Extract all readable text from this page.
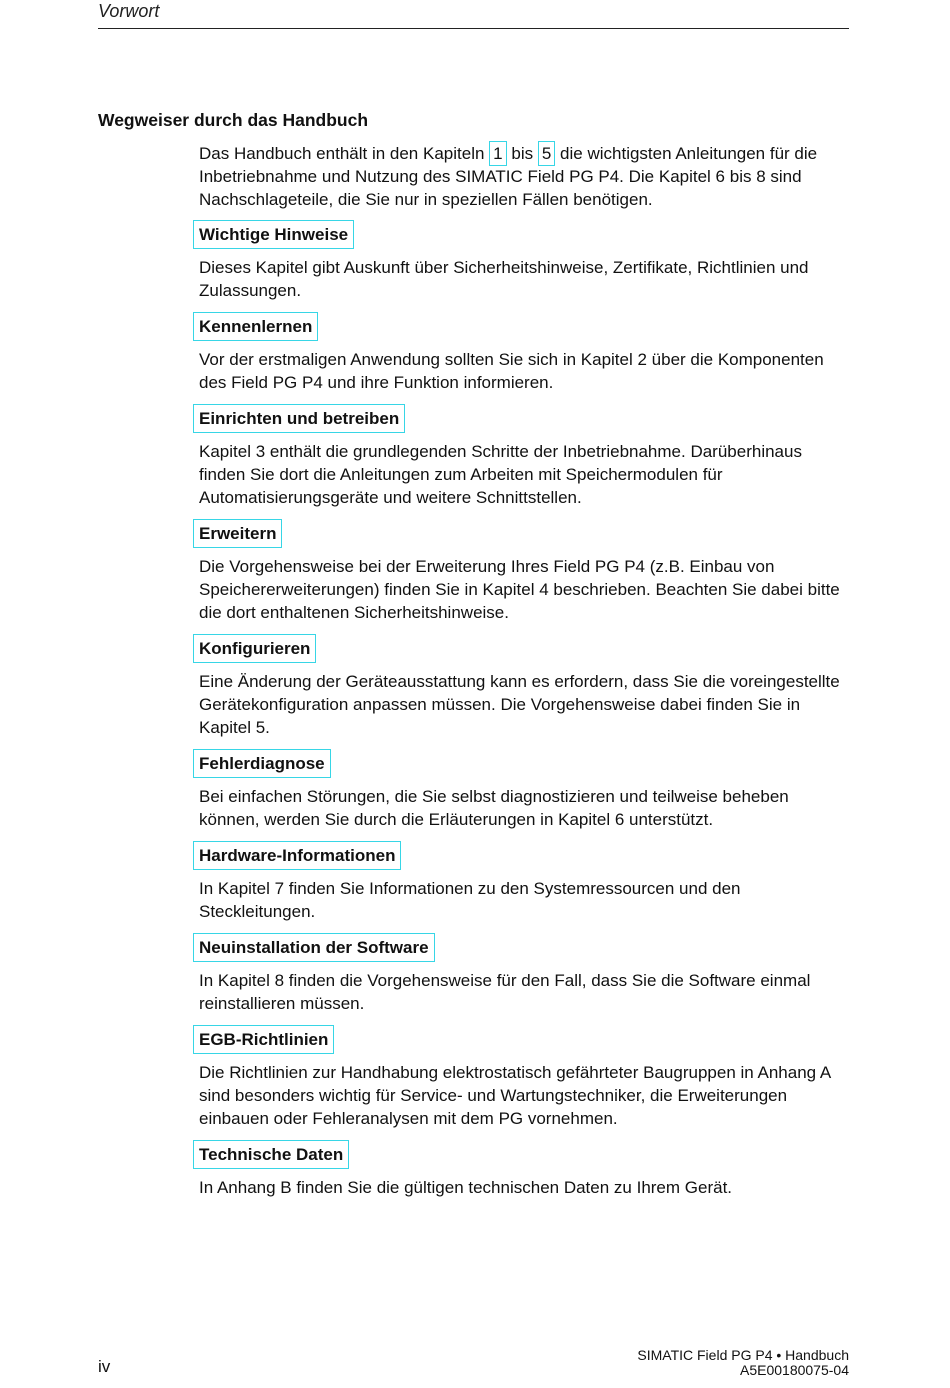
Vorwort
Wegweiser durch das Handbuch

Das Handbuch enthält in den Kapiteln 1 bis 5 die wichtigsten Anleitungen für die Inbetriebnahme und Nutzung des SIMATIC Field PG P4. Die Kapitel 6 bis 8 sind Nachschlageteile, die Sie nur in speziellen Fällen benötigen.

Wichtige Hinweise

Dieses Kapitel gibt Auskunft über Sicherheitshinweise, Zertifikate, Richtlinien und Zulassungen.

Kennenlernen

Vor der erstmaligen Anwendung sollten Sie sich in Kapitel 2 über die Komponenten des Field PG P4 und ihre Funktion informieren.

Einrichten und betreiben

Kapitel 3 enthält die grundlegenden Schritte der Inbetriebnahme. Darüberhinaus finden Sie dort die Anleitungen zum Arbeiten mit Speichermodulen für Automatisierungsgeräte und weitere Schnittstellen.

Erweitern

Die Vorgehensweise bei der Erweiterung Ihres Field PG P4 (z.B. Einbau von Speichererweiterungen) finden Sie in Kapitel 4 beschrieben. Beachten Sie dabei bitte die dort enthaltenen Sicherheitshinweise.

Konfigurieren

Eine Änderung der Geräteausstattung kann es erfordern, dass Sie die voreingestellte Gerätekonfiguration anpassen müssen. Die Vorgehensweise dabei finden Sie in Kapitel 5.

Fehlerdiagnose

Bei einfachen Störungen, die Sie selbst diagnostizieren und teilweise beheben können, werden Sie durch die Erläuterungen in Kapitel 6 unterstützt.

Hardware-Informationen

In Kapitel 7 finden Sie Informationen zu den Systemressourcen und den Steckleitungen.

Neuinstallation der Software

In Kapitel 8 finden die Vorgehensweise für den Fall, dass Sie die Software einmal reinstallieren müssen.

EGB-Richtlinien

Die Richtlinien zur Handhabung elektrostatisch gefährteter Baugruppen in Anhang A sind besonders wichtig für Service- und Wartungstechniker, die Erweiterungen einbauen oder Fehleranalysen mit dem PG vornehmen.

Technische Daten

In Anhang B finden Sie die gültigen technischen Daten zu Ihrem Gerät.

iv
SIMATIC Field PG P4 • Handbuch
A5E00180075-04
